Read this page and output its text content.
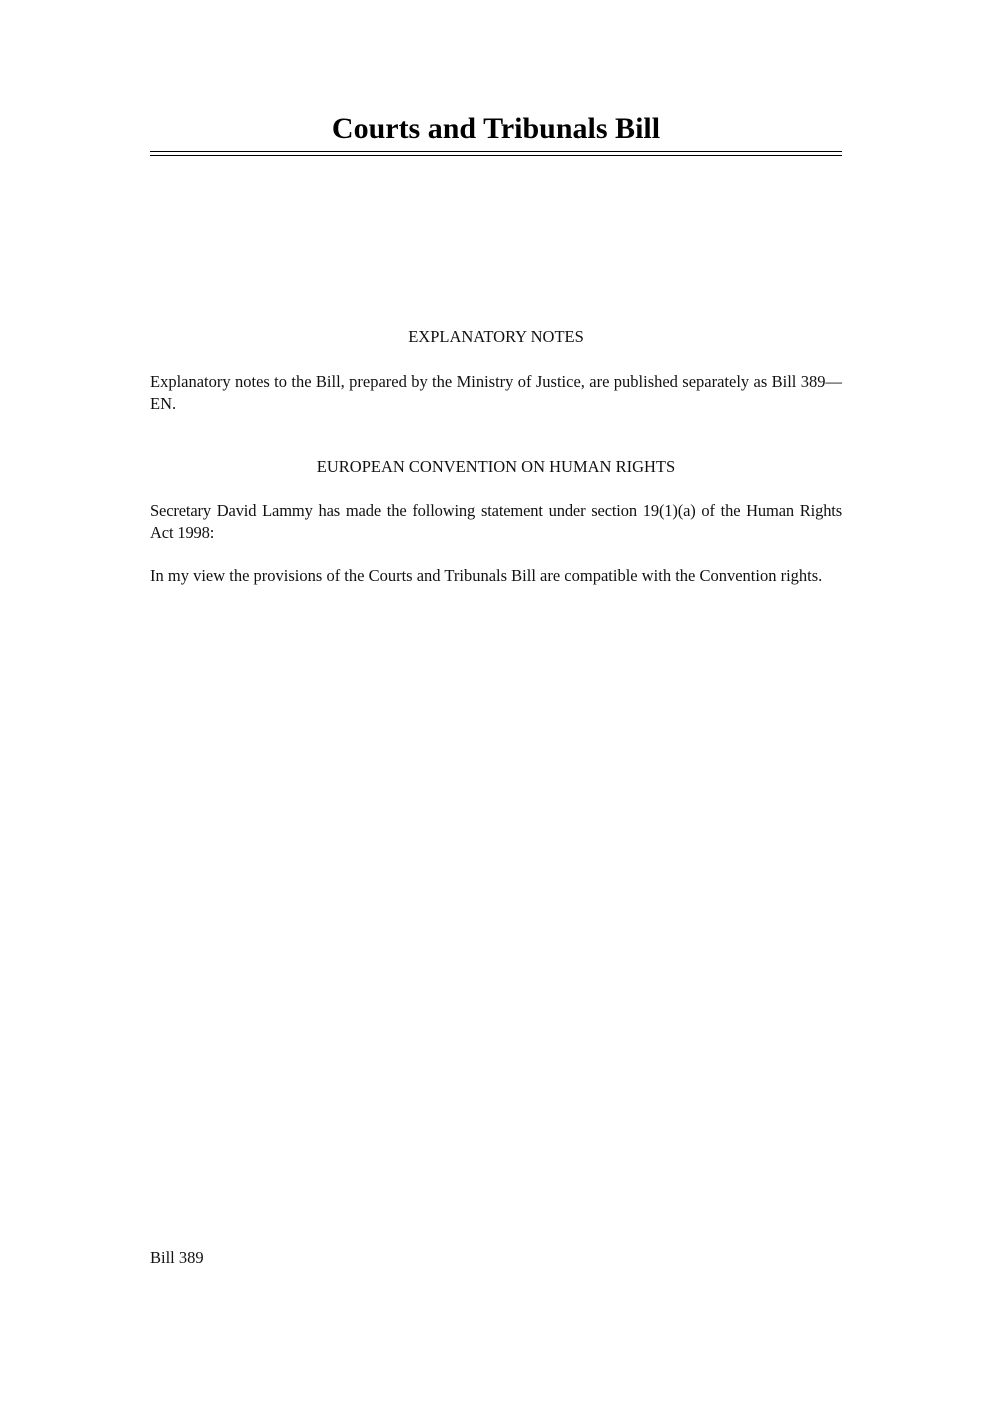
Courts and Tribunals Bill
EXPLANATORY NOTES

Explanatory notes to the Bill, prepared by the Ministry of Justice, are published separately as Bill 389—EN.

EUROPEAN CONVENTION ON HUMAN RIGHTS

Secretary David Lammy has made the following statement under section 19(1)(a) of the Human Rights Act 1998:

In my view the provisions of the Courts and Tribunals Bill are compatible with the Convention rights.

Bill 389
